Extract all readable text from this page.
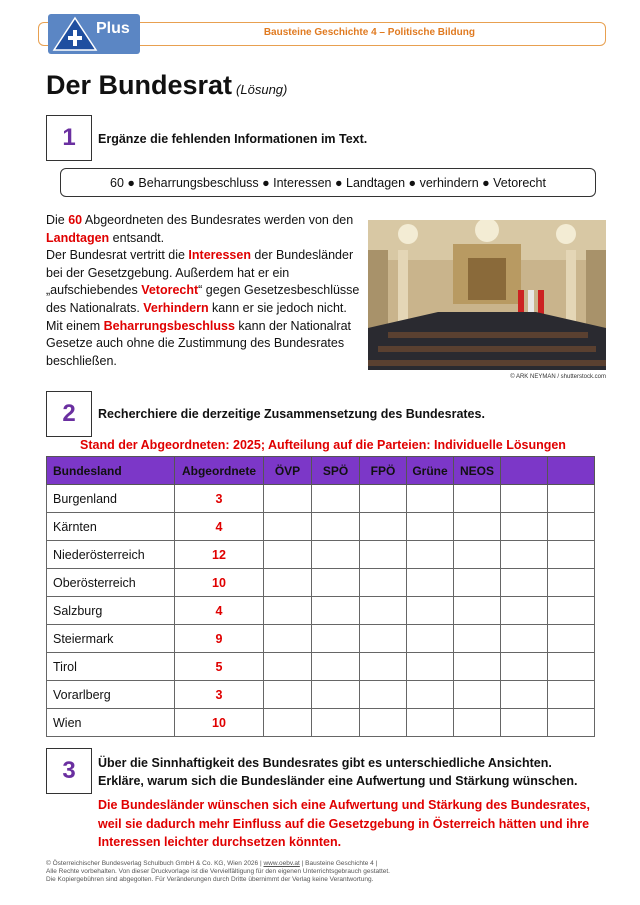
Bausteine Geschichte 4 – Politische Bildung
Plus
Der Bundesrat (Lösung)
1	Ergänze die fehlenden Informationen im Text.
60 ● Beharrungsbeschluss ● Interessen ● Landtagen ● verhindern ● Vetorecht
Die 60 Abgeordneten des Bundesrates werden von den Landtagen entsandt.
Der Bundesrat vertritt die Interessen der Bundesländer bei der Gesetzgebung. Außerdem hat er ein „aufschiebendes Vetorecht“ gegen Gesetzesbeschlüsse des Nationalrats. Verhindern kann er sie jedoch nicht. Mit einem Beharrungsbeschluss kann der Nationalrat Gesetze auch ohne die Zustimmung des Bundesrates beschließen.
© ARK NEYMAN / shutterstock.com
2	Recherchiere die derzeitige Zusammensetzung des Bundesrates.
Stand der Abgeordneten: 2025; Aufteilung auf die Parteien: Individuelle Lösungen
Bundesland	Abgeordnete	ÖVP	SPÖ	FPÖ	Grüne	NEOS		
Burgenland	3							
Kärnten	4							
Niederösterreich	12							
Oberösterreich	10							
Salzburg	4							
Steiermark	9							
Tirol	5							
Vorarlberg	3							
Wien	10							
3	Über die Sinnhaftigkeit des Bundesrates gibt es unterschiedliche Ansichten.
Erkläre, warum sich die Bundesländer eine Aufwertung und Stärkung wünschen.
Die Bundesländer wünschen sich eine Aufwertung und Stärkung des Bundesrates, weil sie dadurch mehr Einfluss auf die Gesetzgebung in Österreich hätten und ihre Interessen leichter durchsetzen könnten.
© Österreichischer Bundesverlag Schulbuch GmbH & Co. KG, Wien 2026 | www.oebv.at | Bausteine Geschichte 4 |
Alle Rechte vorbehalten. Von dieser Druckvorlage ist die Vervielfältigung für den eigenen Unterrichtsgebrauch gestattet.
Die Kopiergebühren sind abgegolten. Für Veränderungen durch Dritte übernimmt der Verlag keine Verantwortung.
